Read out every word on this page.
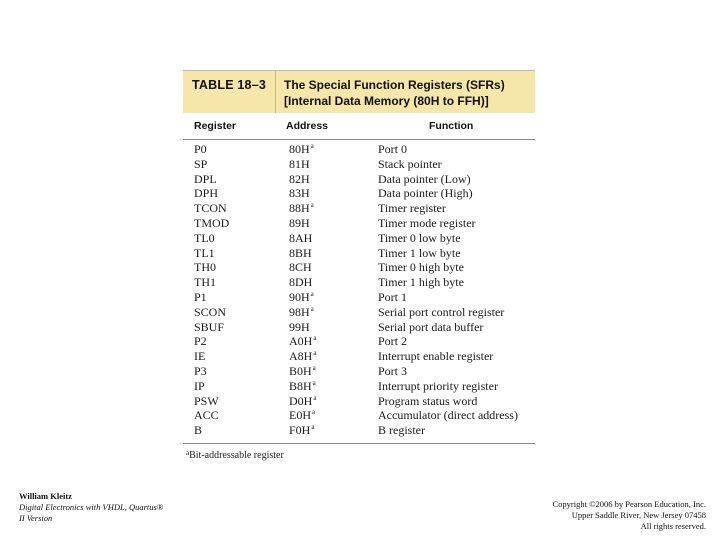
TABLE 18–3 The Special Function Registers (SFRs)
[Internal Data Memory (80H to FFH)]
Register	Address	Function
P0	80H$^a$	Port 0
SP	81H	Stack pointer
DPL	82H	Data pointer (Low)
DPH	83H	Data pointer (High)
TCON	88H$^a$	Timer register
TMOD	89H	Timer mode register
TL0	8AH	Timer 0 low byte
TL1	8BH	Timer 1 low byte
TH0	8CH	Timer 0 high byte
TH1	8DH	Timer 1 high byte
P1	90H$^a$	Port 1
SCON	98H$^a$	Serial port control register
SBUF	99H	Serial port data buffer
P2	A0H$^a$	Port 2
IE	A8H$^a$	Interrupt enable register
P3	B0H$^a$	Port 3
IP	B8H$^a$	Interrupt priority register
PSW	D0H$^a$	Program status word
ACC	E0H$^a$	Accumulator (direct address)
B	F0H$^a$	B register
$^a$Bit-addressable register
William Kleitz
Digital Electronics with VHDL, Quartus®
II Version
Copyright ©2006 by Pearson Education, Inc.
Upper Saddle River, New Jersey 07458
All rights reserved.
